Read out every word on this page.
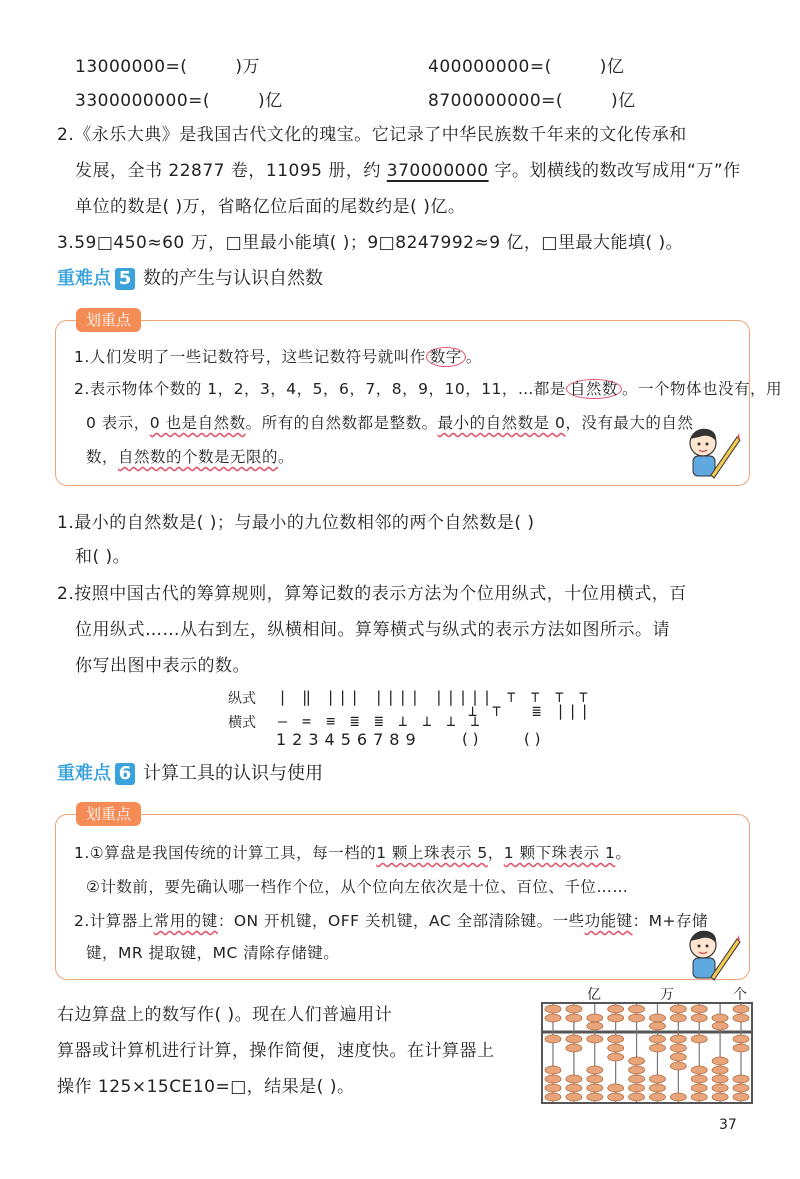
13000000=(	)万	400000000=(	)亿
3300000000=(	)亿	8700000000=(	)亿
2.《永乐大典》是我国古代文化的瑰宝。它记录了中华民族数千年来的文化传承和
发展，全书 22877 卷，11095 册，约 370000000 字。划横线的数改写成用“万”作
单位的数是( )万，省略亿位后面的尾数约是( )亿。
3.59□450≈60 万，□里最小能填( )；9□8247992≈9 亿，□里最大能填( )。
重难点 5 数的产生与认识自然数
划重点
1.人们发明了一些记数符号，这些记数符号就叫作 数字 。
2.表示物体个数的 1，2，3，4，5，6，7，8，9，10，11，…都是 自然数 。一个物体也没有，用
0 表示，0 也是自然数。所有的自然数都是整数。最小的自然数是 0，没有最大的自然
数，自然数的个数是无限的。
1.最小的自然数是( )；与最小的九位数相邻的两个自然数是( )
和( )。
2.按照中国古代的筹算规则，算筹记数的表示方法为个位用纵式，十位用横式，百
位用纵式……从右到左，纵横相间。算筹横式与纵式的表示方法如图所示。请
你写出图中表示的数。
纵式
横式
| ‖ ||| |||| ||||| ⊤ ⊤ ⊤ ⊤
— = ≡ ≣ ≣ ⊥ ⊥ ⊥ ⊥
123456789
⊥ ⊤ ≣ |||
( )	( )
重难点 6 计算工具的认识与使用
划重点
1.①算盘是我国传统的计算工具，每一档的1 颗上珠表示 5，1 颗下珠表示 1。
②计数前，要先确认哪一档作个位，从个位向左依次是十位、百位、千位……
2.计算器上常用的键：ON 开机键，OFF 关机键，AC 全部清除键。一些功能键：M+存储
键，MR 提取键，MC 清除存储键。
右边算盘上的数写作( )。现在人们普遍用计
算器或计算机进行计算，操作简便，速度快。在计算器上
操作 125×15CE10=□，结果是( )。
亿	万	个
37
